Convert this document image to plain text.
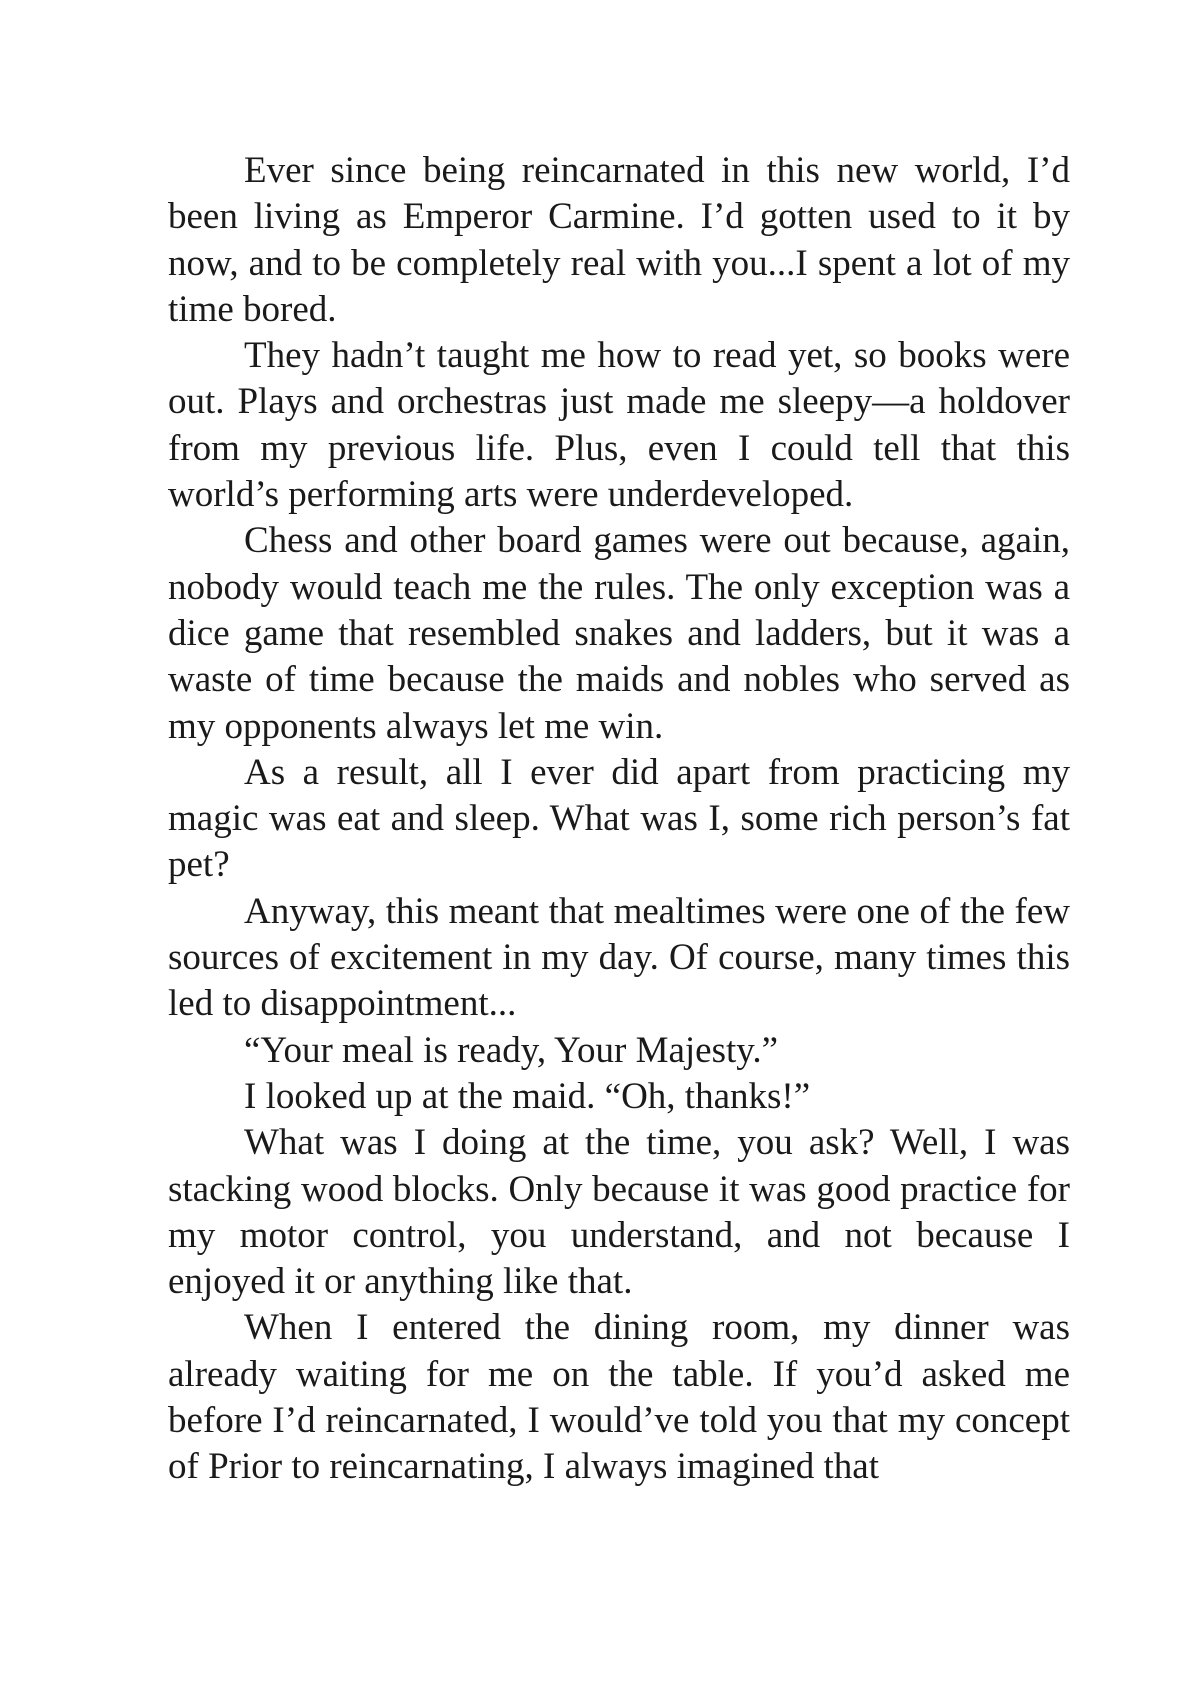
Ever since being reincarnated in this new world, I’d been living as Emperor Carmine. I’d gotten used to it by now, and to be completely real with you...I spent a lot of my time bored.

They hadn’t taught me how to read yet, so books were out. Plays and orchestras just made me sleepy—a holdover from my previous life. Plus, even I could tell that this world’s performing arts were underdeveloped.

Chess and other board games were out because, again, nobody would teach me the rules. The only exception was a dice game that resembled snakes and ladders, but it was a waste of time because the maids and nobles who served as my opponents always let me win.

As a result, all I ever did apart from practicing my magic was eat and sleep. What was I, some rich person’s fat pet?

Anyway, this meant that mealtimes were one of the few sources of excitement in my day. Of course, many times this led to disappointment...

“Your meal is ready, Your Majesty.”

I looked up at the maid. “Oh, thanks!”

What was I doing at the time, you ask? Well, I was stacking wood blocks. Only because it was good practice for my motor control, you understand, and not because I enjoyed it or anything like that.

When I entered the dining room, my dinner was already waiting for me on the table. If you’d asked me before I’d reincarnated, I would’ve told you that my concept of Prior to reincarnating, I always imagined that
